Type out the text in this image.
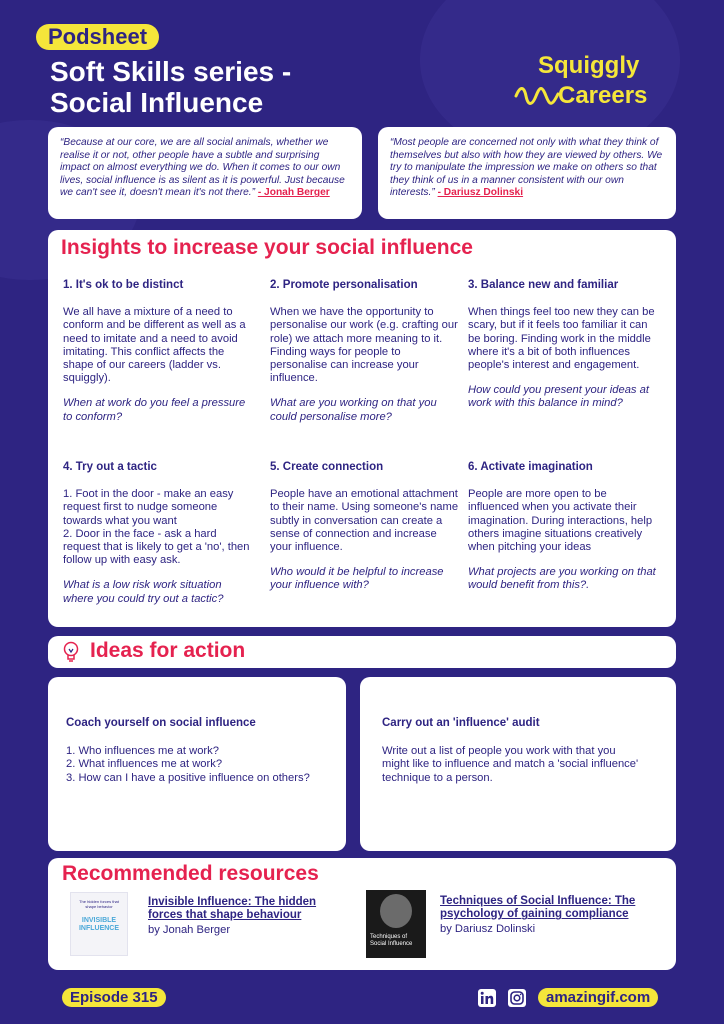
Podsheet
Soft Skills series -
Social Influence
Squiggly
Careers
“Because at our core, we are all social animals, whether we realise it or not, other people have a subtle and surprising impact on almost everything we do. When it comes to our own lives, social influence is as silent as it is powerful. Just because we can't see it, doesn't mean it's not there.” - Jonah Berger
“Most people are concerned not only with what they think of themselves but also with how they are viewed by others. We try to manipulate the impression we make on others so that they think of us in a manner consistent with our own interests.” - Dariusz Dolinski
Insights to increase your social influence
1. It's ok to be distinct

We all have a mixture of a need to conform and be different as well as a need to imitate and a need to avoid imitating. This conflict affects the shape of our careers (ladder vs. squiggly).

When at work do you feel a pressure to conform?

2. Promote personalisation

When we have the opportunity to personalise our work (e.g. crafting our role) we attach more meaning to it. Finding ways for people to personalise can increase your influence.

What are you working on that you could personalise more?

3. Balance new and familiar

When things feel too new they can be scary, but if it feels too familiar it can be boring. Finding work in the middle where it's a bit of both influences people's interest and engagement.

How could you present your ideas at work with this balance in mind?

4. Try out a tactic

1. Foot in the door - make an easy request first to nudge someone towards what you want

2. Door in the face - ask a hard request that is likely to get a 'no', then follow up with easy ask.

What is a low risk work situation where you could try out a tactic?

5. Create connection

People have an emotional attachment to their name. Using someone's name subtly in conversation can create a sense of connection and increase your influence.

Who would it be helpful to increase your influence with?

6. Activate imagination

People are more open to be influenced when you activate their imagination. During interactions, help others imagine situations creatively when pitching your ideas

What projects are you working on that would benefit from this?.

Ideas for action
Coach yourself on social influence
1. Who influences me at work?
2. What influences me at work?
3. How can I have a positive influence on others?
Carry out an 'influence' audit
Write out a list of people you work with that you might like to influence and match a 'social influence' technique to a person.
Recommended resources
The hidden forces that shape behavior
INVISIBLE INFLUENCE
Invisible Influence: The hidden forces that shape behaviour
by Jonah Berger
Techniques of Social Influence
Techniques of Social Influence: The psychology of gaining compliance
by Dariusz Dolinski
Episode 315	amazingif.com
